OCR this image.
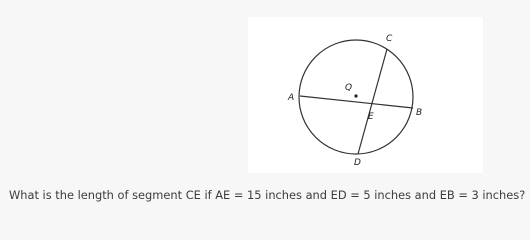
Q
A
B
C
D
E
What is the length of segment CE if AE = 15 inches and ED = 5 inches and EB = 3 inches?
